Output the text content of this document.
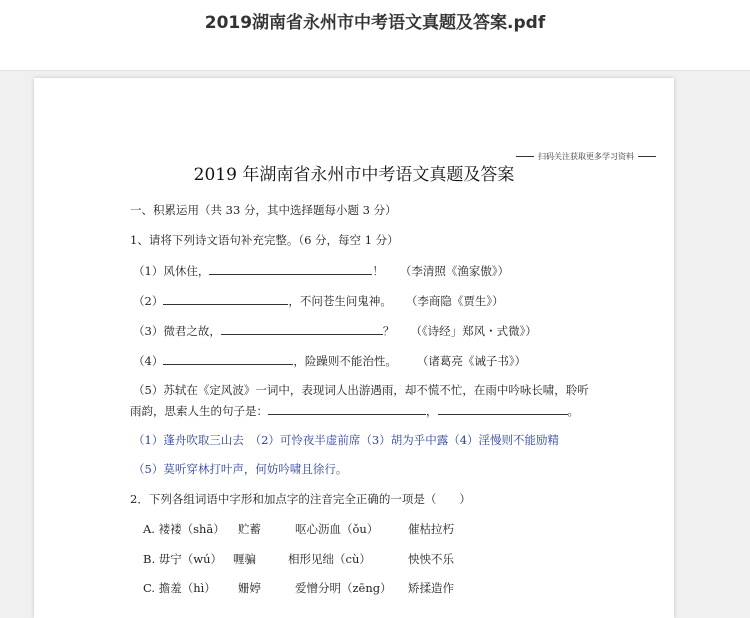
2019湖南省永州市中考语文真题及答案.pdf
扫码关注获取更多学习资料
2019 年湖南省永州市中考语文真题及答案
一、积累运用（共 33 分，其中选择题每小题 3 分）
1、请将下列诗文语句补充完整。（6 分，每空 1 分）
（1）风休住，	！ （李清照《渔家傲》）
（2）	，不问苍生问鬼神。 （李商隐《贾生》）
（3）微君之故，	？ （《诗经」郑风・式微》）
（4）	，险躁则不能治性。 （诸葛亮《诫子书》）
（5）苏轼在《定风波》一词中，表现词人出游遇雨，却不慌不忙，在雨中吟咏长啸，聆听
雨韵，思索人生的句子是：	，	。
（1）蓬舟吹取三山去　（2）可怜夜半虚前席（3）胡为乎中露（4）淫慢则不能励精
（5）莫听穿林打叶声，何妨吟啸且徐行。
2．下列各组词语中字形和加点字的注音完全正确的一项是（　　）
A. 褛褛（shā） 贮蓄	呕心沥血（ǒu）	催枯拉朽
B. 毋宁（wú） 喱骗	相形见绌（cù）	怏怏不乐
C. 擔羞（hì） 姗婷	爱憎分明（zēng） 矫揉造作
